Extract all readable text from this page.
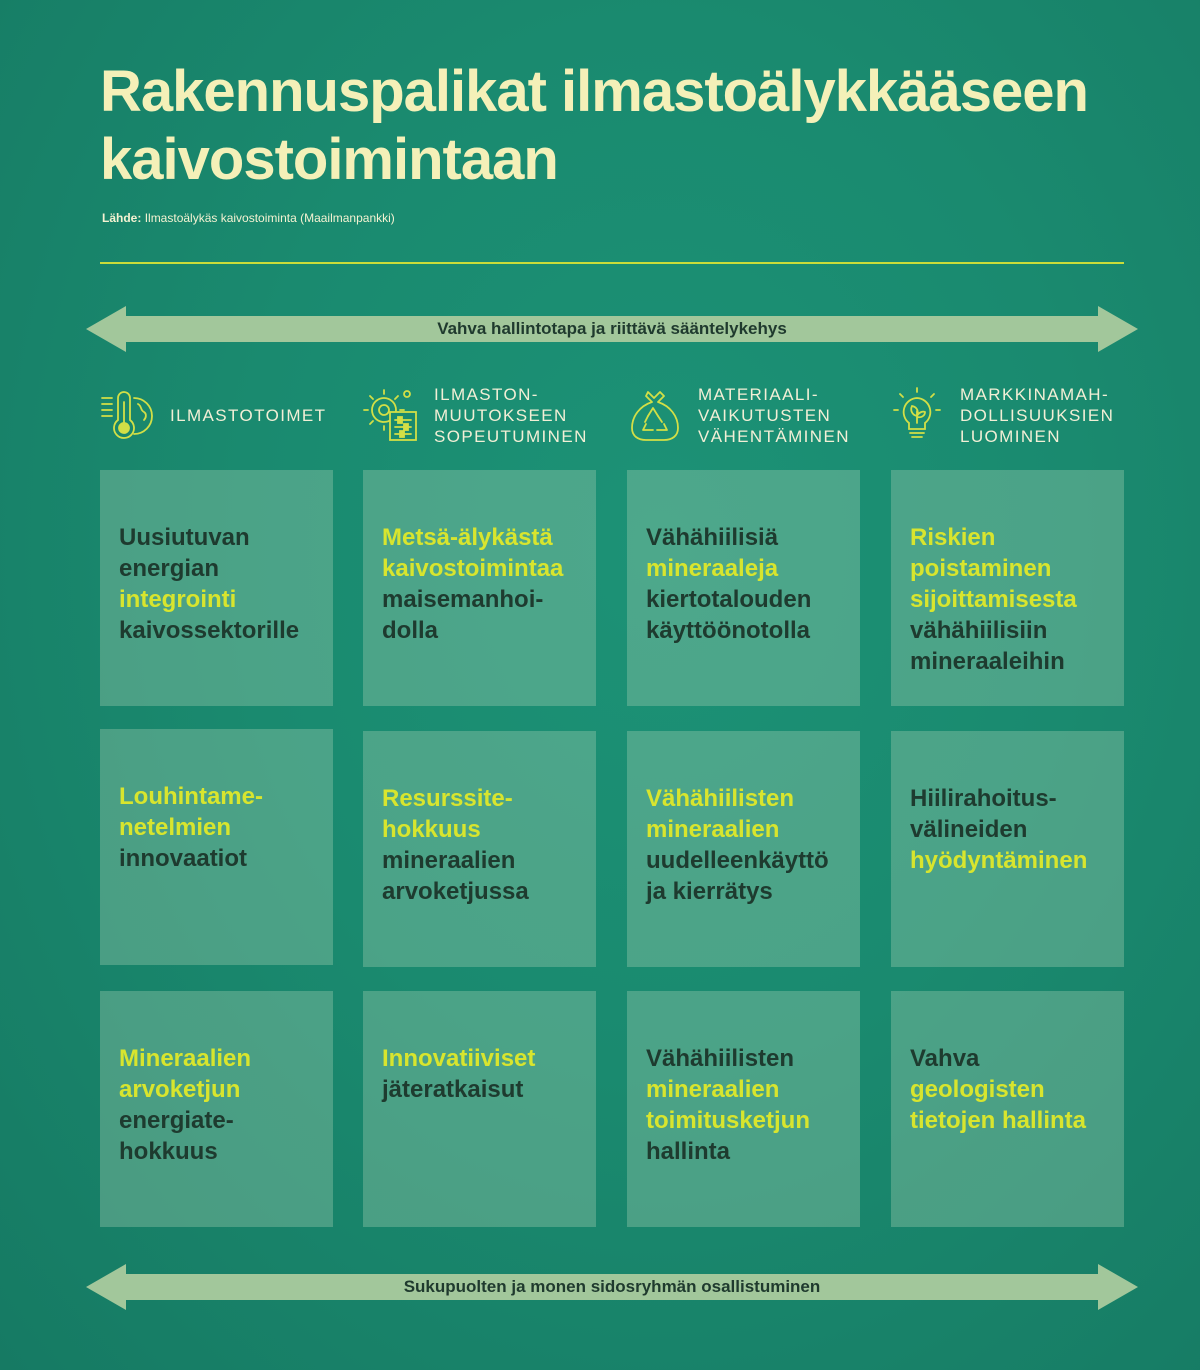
Rakennuspalikat ilmastoälykkääseen kaivostoimintaan
Lähde: Ilmastoälykäs kaivostoiminta (Maailmanpankki)
Vahva hallintotapa ja riittävä sääntelykehys
ILMASTOTOIMET
ILMASTON-
MUUTOKSEEN
SOPEUTUMINEN
MATERIAALI-
VAIKUTUSTEN
VÄHENTÄMINEN
MARKKINAMAH-
DOLLISUUKSIEN
LUOMINEN

Uusiutuvan energian integrointi kaivossektorille

Metsä-älykästä kaivostoimintaa maisemanhoi-dolla

Vähähiilisiä mineraaleja kiertotalouden käyttöönotolla

Riskien poistaminen sijoittamisesta vähähiilisiin mineraaleihin

Louhintame-netelmien innovaatiot

Resurssite-hokkuus mineraalien arvoketjussa

Vähähiilisten mineraalien uudelleenkäyttö ja kierrätys

Hiilirahoitus-välineiden hyödyntäminen

Mineraalien arvoketjun energiate-hokkuus

Innovatiiviset jäteratkaisut

Vähähiilisten mineraalien toimitusketjun hallinta

Vahva geologisten tietojen hallinta

Sukupuolten ja monen sidosryhmän osallistuminen
